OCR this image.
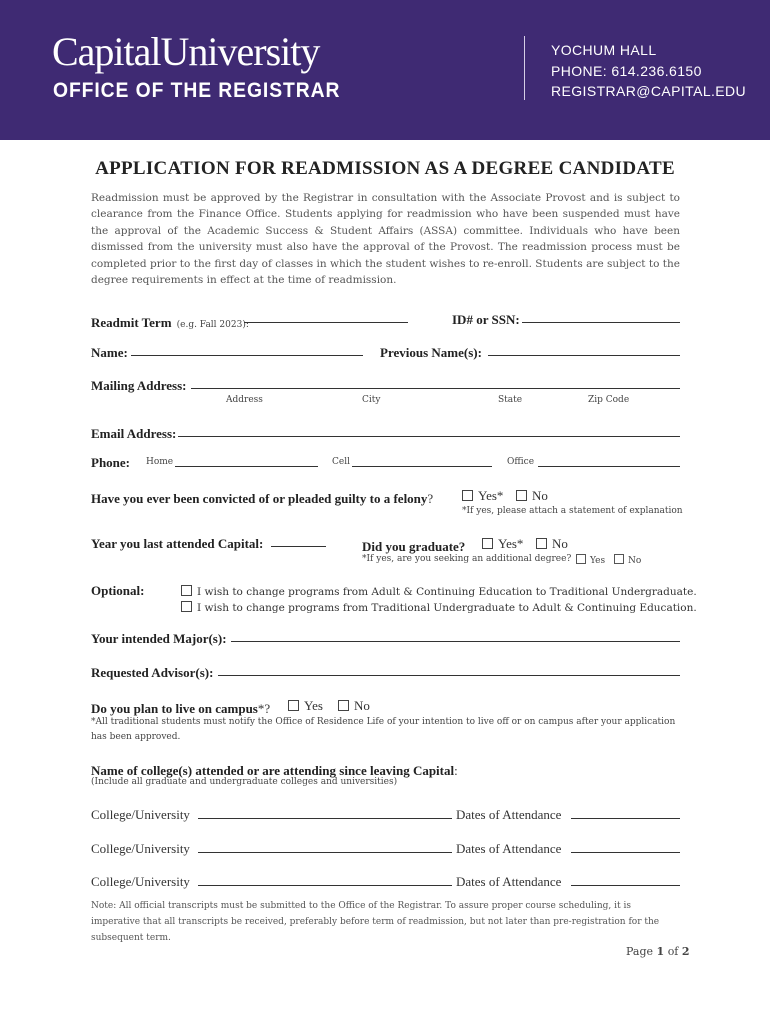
CapitalUniversity
OFFICE OF THE REGISTRAR
YOCHUM HALL
PHONE: 614.236.6150
REGISTRAR@CAPITAL.EDU
APPLICATION FOR READMISSION AS A DEGREE CANDIDATE
Readmission must be approved by the Registrar in consultation with the Associate Provost and is subject to clearance from the Finance Office. Students applying for readmission who have been suspended must have the approval of the Academic Success & Student Affairs (ASSA) committee. Individuals who have been dismissed from the university must also have the approval of the Provost. The readmission process must be completed prior to the first day of classes in which the student wishes to re-enroll. Students are subject to the degree requirements in effect at the time of readmission.
Readmit Term (e.g. Fall 2023):	ID# or SSN:
Name:	Previous Name(s):
Mailing Address:
Address	City	State	Zip Code
Email Address:
Phone: Home	Cell	Office
Have you ever been convicted of or pleaded guilty to a felony?	Yes*	No
*If yes, please attach a statement of explanation
Year you last attended Capital:	Did you graduate?	Yes*	No
*If yes, are you seeking an additional degree?	Yes	No
Optional:	I wish to change programs from Adult & Continuing Education to Traditional Undergraduate.
I wish to change programs from Traditional Undergraduate to Adult & Continuing Education.
Your intended Major(s):
Requested Advisor(s):
Do you plan to live on campus*?	Yes	No
*All traditional students must notify the Office of Residence Life of your intention to live off or on campus after your application has been approved.
Name of college(s) attended or are attending since leaving Capital:
(Include all graduate and undergraduate colleges and universities)
College/University	Dates of Attendance
College/University	Dates of Attendance
College/University	Dates of Attendance
Note: All official transcripts must be submitted to the Office of the Registrar. To assure proper course scheduling, it is imperative that all transcripts be received, preferably before term of readmission, but not later than pre-registration for the subsequent term.
Page 1 of 2
